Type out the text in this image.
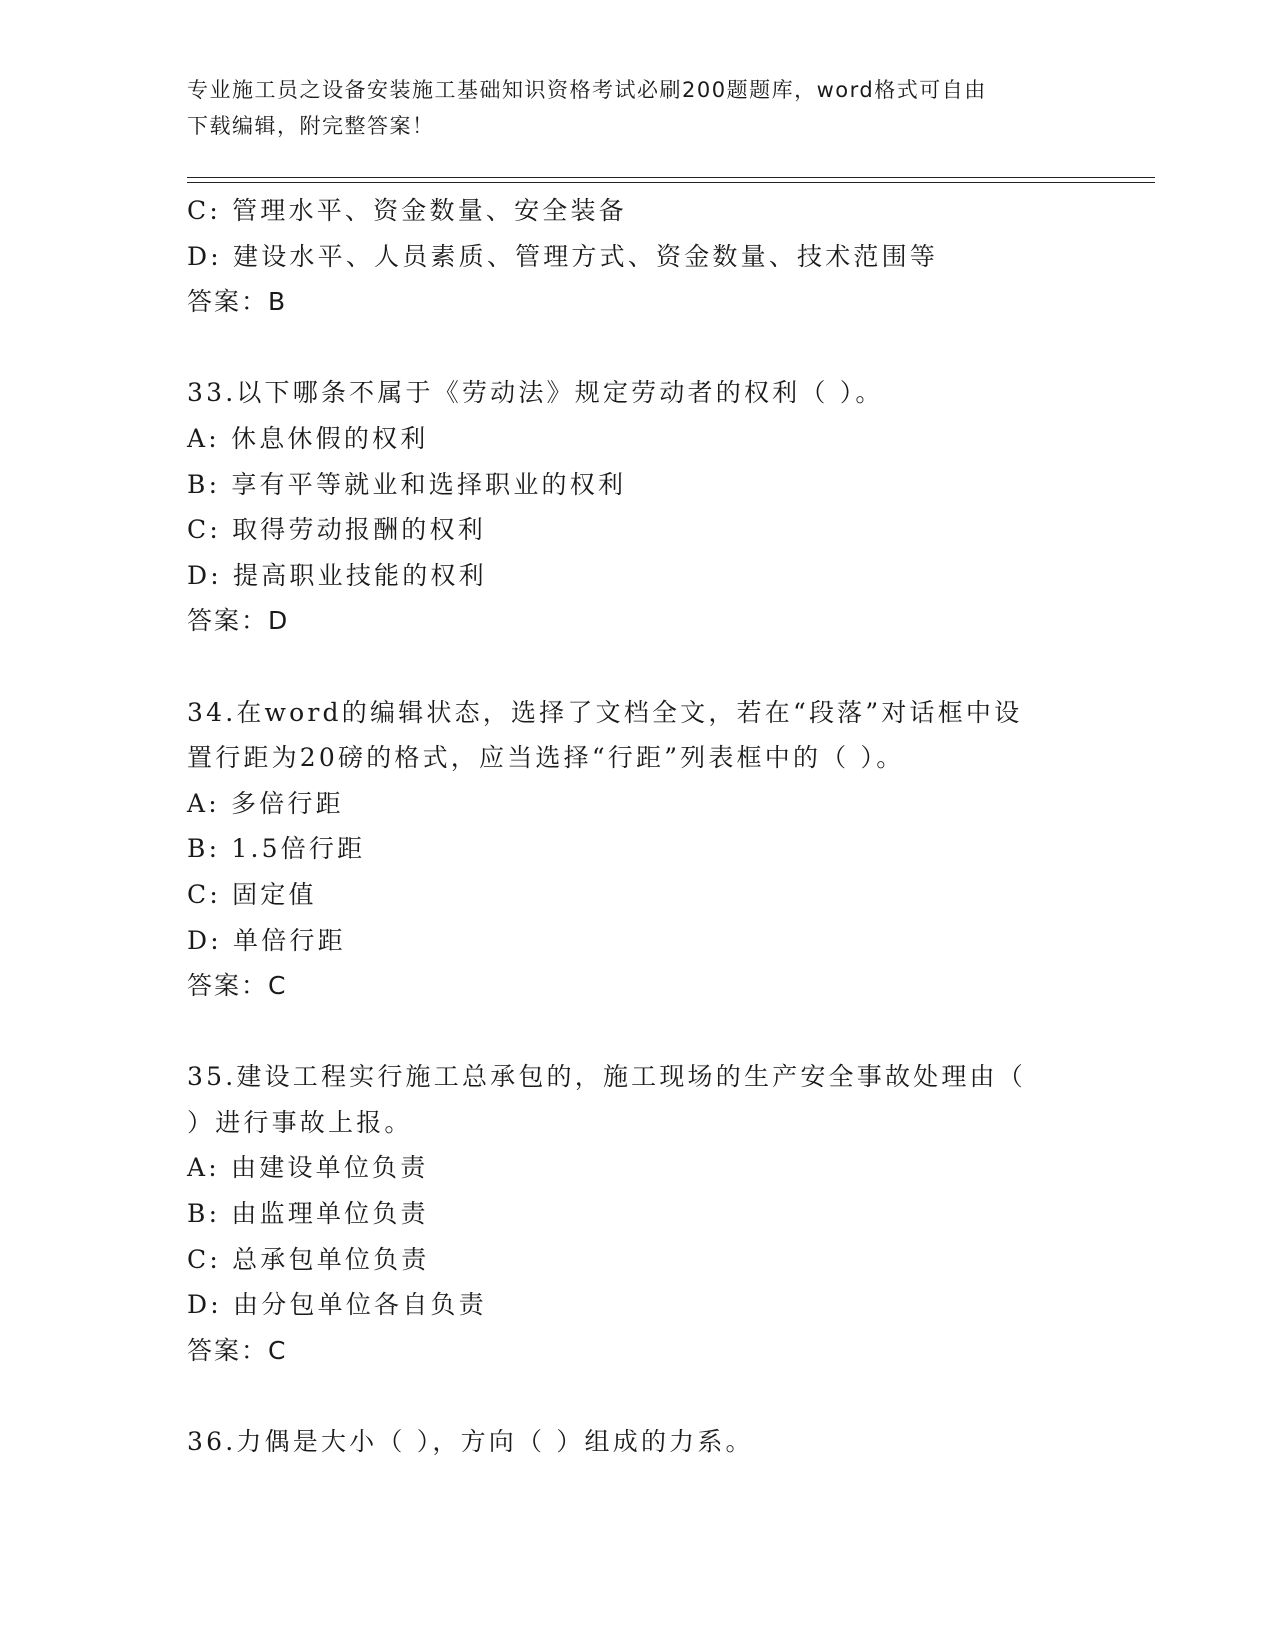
专业施工员之设备安装施工基础知识资格考试必刷200题题库，word格式可自由
下载编辑，附完整答案！
C: 管理水平、资金数量、安全装备
D: 建设水平、人员素质、管理方式、资金数量、技术范围等
答案：B
33.以下哪条不属于《劳动法》规定劳动者的权利（ ）。
A: 休息休假的权利
B: 享有平等就业和选择职业的权利
C: 取得劳动报酬的权利
D: 提高职业技能的权利
答案：D
34.在word的编辑状态，选择了文档全文，若在“段落”对话框中设
置行距为20磅的格式，应当选择“行距”列表框中的（ ）。
A: 多倍行距
B: 1.5倍行距
C: 固定值
D: 单倍行距
答案：C
35.建设工程实行施工总承包的，施工现场的生产安全事故处理由（
）进行事故上报。
A: 由建设单位负责
B: 由监理单位负责
C: 总承包单位负责
D: 由分包单位各自负责
答案：C
36.力偶是大小（ ），方向（ ）组成的力系。
